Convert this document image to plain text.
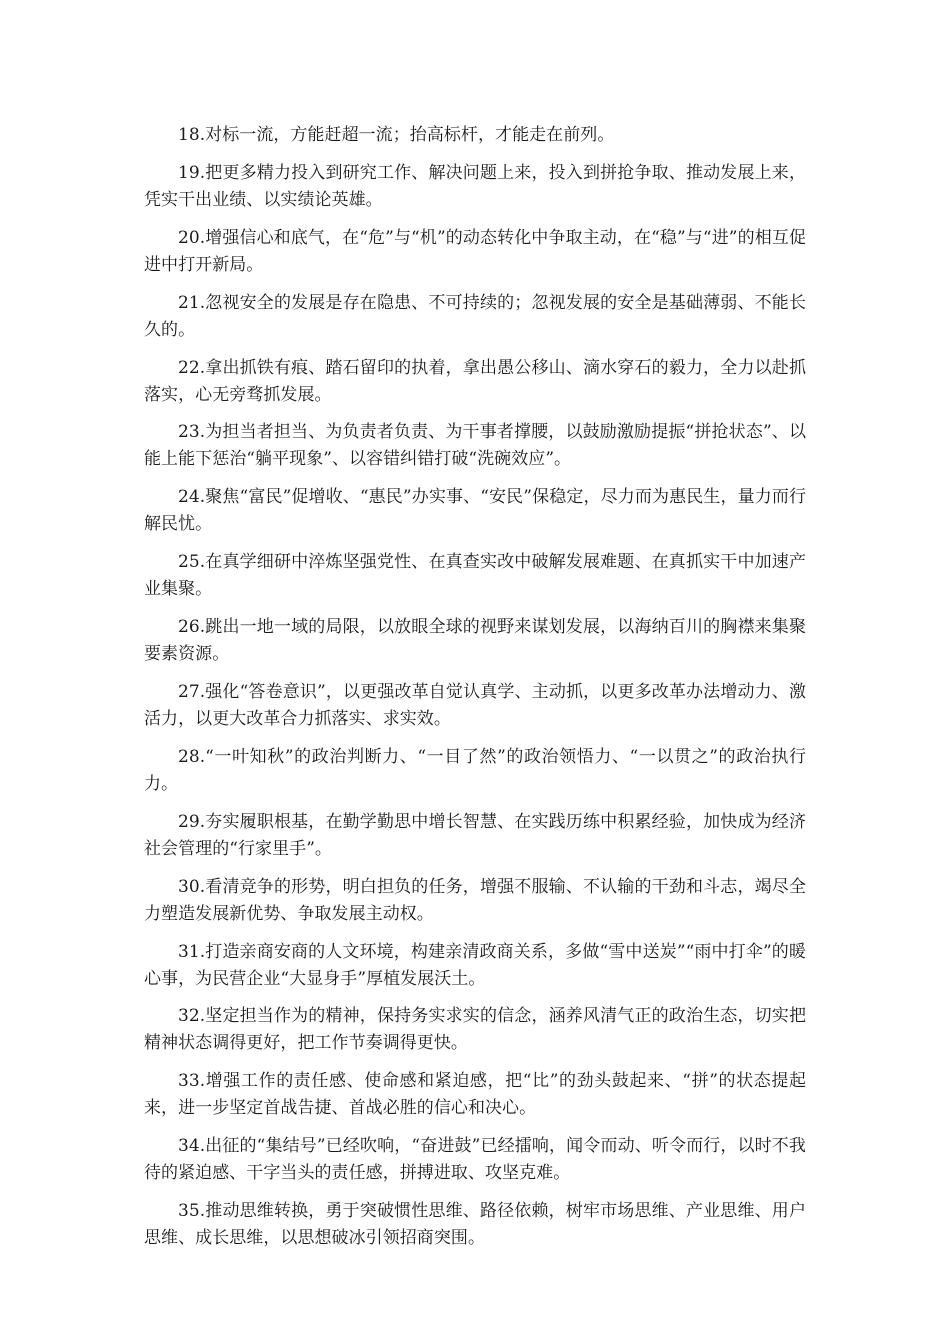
18.对标一流，方能赶超一流；抬高标杆，才能走在前列。

19.把更多精力投入到研究工作、解决问题上来，投入到拼抢争取、推动发展上来，凭实干出业绩、以实绩论英雄。

20.增强信心和底气，在“危”与“机”的动态转化中争取主动，在“稳”与“进”的相互促进中打开新局。

21.忽视安全的发展是存在隐患、不可持续的；忽视发展的安全是基础薄弱、不能长久的。

22.拿出抓铁有痕、踏石留印的执着，拿出愚公移山、滴水穿石的毅力，全力以赴抓落实，心无旁骛抓发展。

23.为担当者担当、为负责者负责、为干事者撑腰，以鼓励激励提振“拼抢状态”、以能上能下惩治“躺平现象”、以容错纠错打破“洗碗效应”。

24.聚焦“富民”促增收、“惠民”办实事、“安民”保稳定，尽力而为惠民生，量力而行解民忧。

25.在真学细研中淬炼坚强党性、在真查实改中破解发展难题、在真抓实干中加速产业集聚。

26.跳出一地一域的局限，以放眼全球的视野来谋划发展，以海纳百川的胸襟来集聚要素资源。

27.强化“答卷意识”，以更强改革自觉认真学、主动抓，以更多改革办法增动力、激活力，以更大改革合力抓落实、求实效。

28.“一叶知秋”的政治判断力、“一目了然”的政治领悟力、“一以贯之”的政治执行力。

29.夯实履职根基，在勤学勤思中增长智慧、在实践历练中积累经验，加快成为经济社会管理的“行家里手”。

30.看清竞争的形势，明白担负的任务，增强不服输、不认输的干劲和斗志，竭尽全力塑造发展新优势、争取发展主动权。

31.打造亲商安商的人文环境，构建亲清政商关系，多做“雪中送炭”“雨中打伞”的暖心事，为民营企业“大显身手”厚植发展沃土。

32.坚定担当作为的精神，保持务实求实的信念，涵养风清气正的政治生态，切实把精神状态调得更好，把工作节奏调得更快。

33.增强工作的责任感、使命感和紧迫感，把“比”的劲头鼓起来、“拼”的状态提起来，进一步坚定首战告捷、首战必胜的信心和决心。

34.出征的“集结号”已经吹响，“奋进鼓”已经擂响，闻令而动、听令而行，以时不我待的紧迫感、干字当头的责任感，拼搏进取、攻坚克难。

35.推动思维转换，勇于突破惯性思维、路径依赖，树牢市场思维、产业思维、用户思维、成长思维，以思想破冰引领招商突围。
